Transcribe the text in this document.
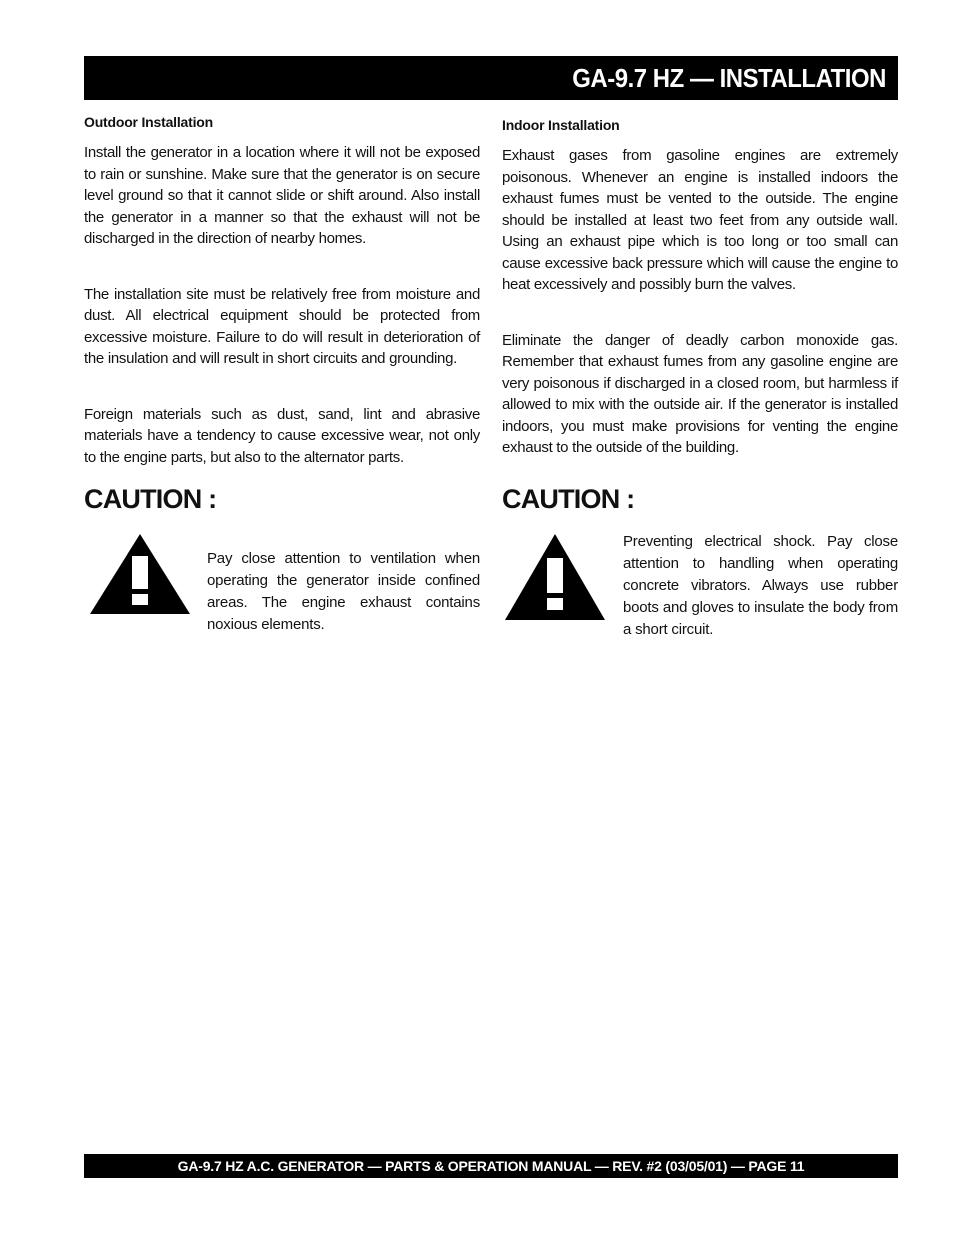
GA-9.7 HZ — INSTALLATION

Outdoor Installation

Install the generator in a location where it will not be exposed to rain or sunshine. Make sure that the generator is on secure level ground so that it cannot slide or shift around. Also install the generator in a manner so that the exhaust will not be discharged in the direction of nearby homes.

The installation site must be relatively free from moisture and dust. All electrical equipment should be protected from excessive moisture. Failure to do will result in deterioration of the insulation and will result in short circuits and grounding.

Foreign materials such as dust, sand, lint and abrasive materials have a tendency to cause excessive wear, not only to the engine parts, but also to the alternator parts.

Indoor Installation

Exhaust gases from gasoline engines are extremely poisonous. Whenever an engine is installed indoors the exhaust fumes must be vented to the outside. The engine should be installed at least two feet from any outside wall. Using an exhaust pipe which is too long or too small can cause excessive back pressure which will cause the engine to heat excessively and possibly burn the valves.

Eliminate the danger of deadly carbon monoxide gas. Remember that exhaust fumes from any gasoline engine are very poisonous if discharged in a closed room, but harmless if allowed to mix with the outside air. If the generator is installed indoors, you must make provisions for venting the engine exhaust to the outside of the building.

CAUTION :
Pay close attention to ventilation when operating the generator inside confined areas. The engine exhaust contains noxious elements.
CAUTION :
Preventing electrical shock. Pay close attention to handling when operating concrete vibrators. Always use rubber boots and gloves to insulate the body from a short circuit.
GA-9.7 HZ A.C. GENERATOR — PARTS & OPERATION MANUAL — REV. #2 (03/05/01) — PAGE 11
